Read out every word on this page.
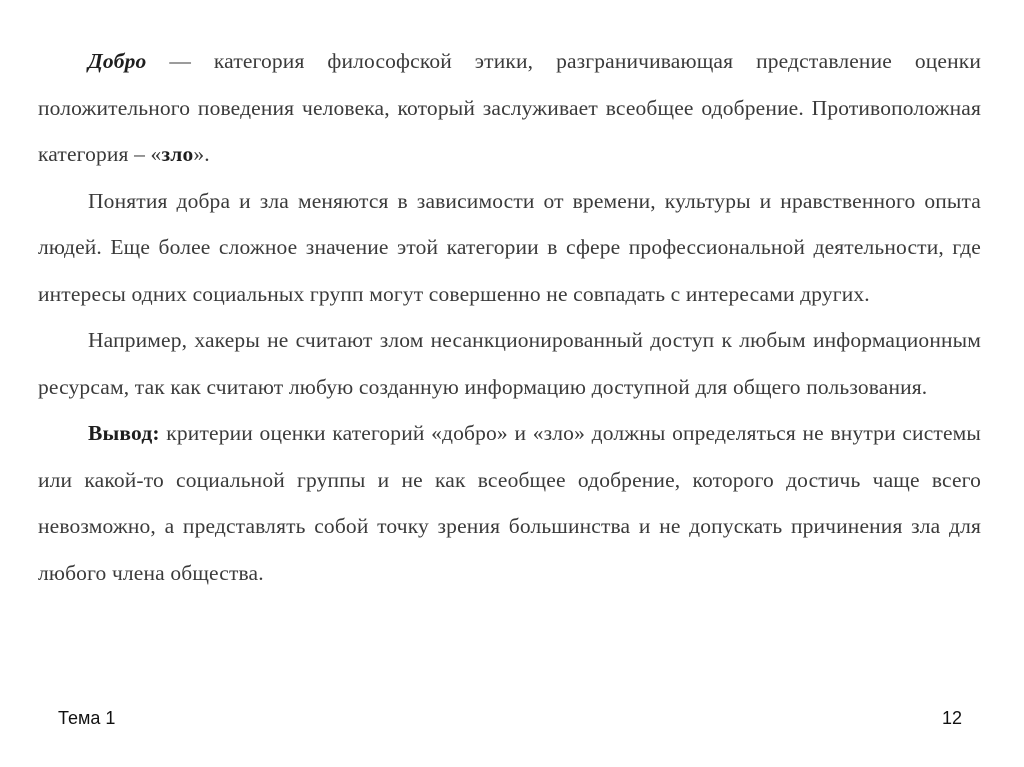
Добро — категория философской этики, разграничивающая представление оценки положительного поведения человека, который заслуживает всеобщее одобрение. Противоположная категория – «зло».

Понятия добра и зла меняются в зависимости от времени, культуры и нравственного опыта людей. Еще более сложное значение этой категории в сфере профессиональной деятельности, где интересы одних социальных групп могут совершенно не совпадать с интересами других.

Например, хакеры не считают злом несанкционированный доступ к любым информационным ресурсам, так как считают любую созданную информацию доступной для общего пользования.

Вывод: критерии оценки категорий «добро» и «зло» должны определяться не внутри системы или какой-то социальной группы и не как всеобщее одобрение, которого достичь чаще всего невозможно, а представлять собой точку зрения большинства и не допускать причинения зла для любого члена общества.

Тема 1	12
